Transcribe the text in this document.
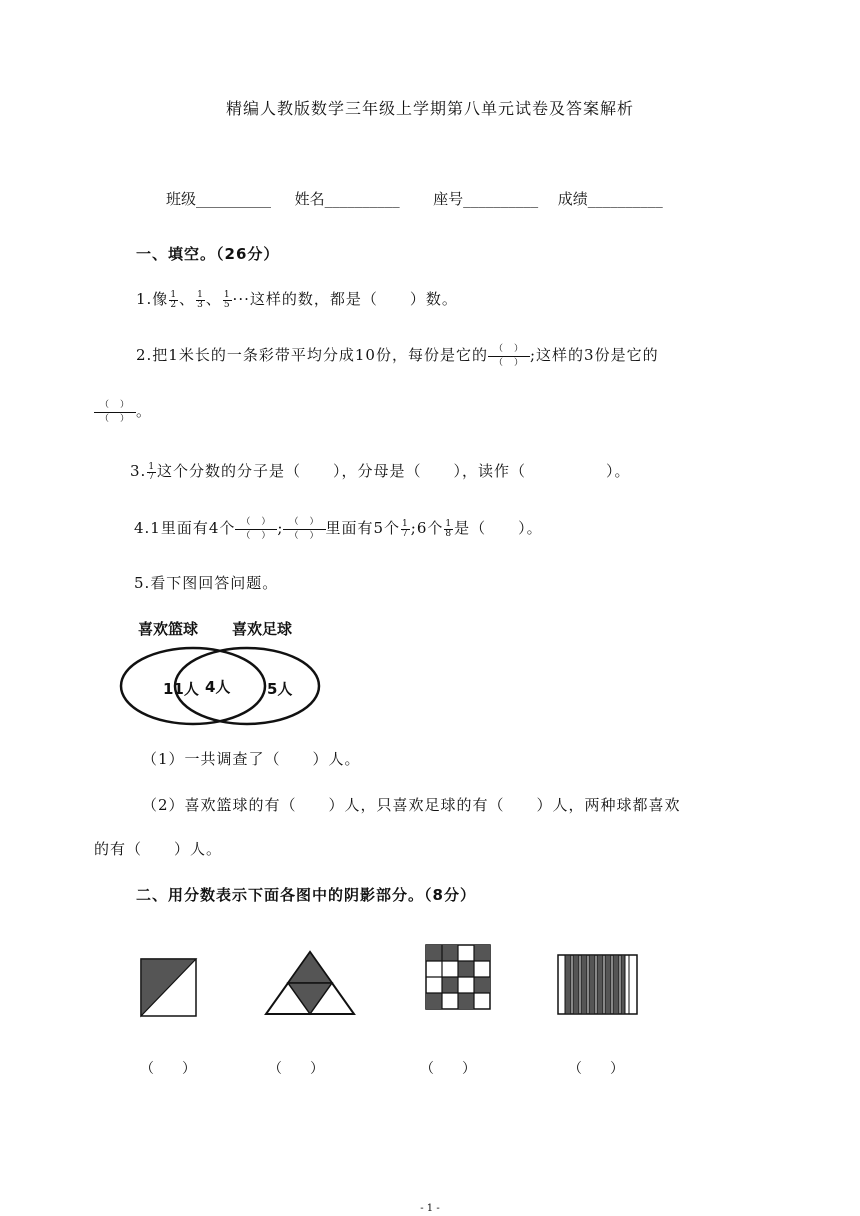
精编人教版数学三年级上学期第八单元试卷及答案解析
班级__________ 姓名__________ 座号__________ 成绩__________
一、填空。（26分）
1.像 $\frac{1}{2}$ 、 $\frac{1}{3}$ 、 $\frac{1}{5}$ ···这样的数，都是（　　）数。
2.把1米长的一条彩带平均分成10份，每份是它的 $\frac{( )}{( )}$ ;这样的3份是它的
$\frac{( )}{( )}$ 。
3. $\frac{1}{7}$ 这个分数的分子是（　　），分母是（　　），读作（　　　　　）。
4.1里面有4个 $\frac{( )}{( )}$ ; $\frac{( )}{( )}$ 里面有5个 $\frac{1}{7}$ ;6个 $\frac{1}{8}$ 是（　　）。
5.看下图回答问题。
喜欢篮球 喜欢足球
11人 4人 5人
（1）一共调查了（　　）人。
（2）喜欢篮球的有（　　）人，只喜欢足球的有（　　）人，两种球都喜欢
的有（　　）人。
二、用分数表示下面各图中的阴影部分。（8分）
（　　）	（　　）	（　　）	（　　）
- 1 -
